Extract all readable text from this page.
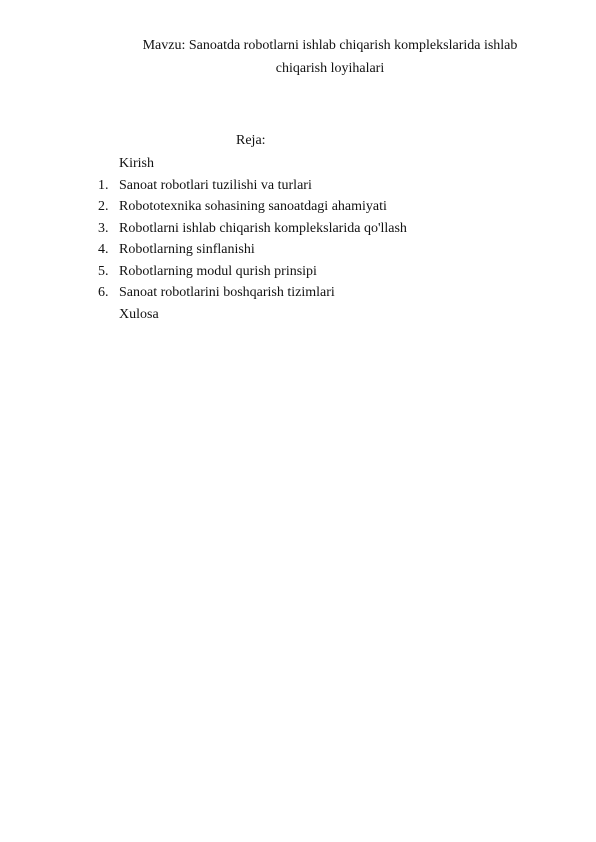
Mavzu: Sanoatda robotlarni ishlab chiqarish komplekslarida ishlab
chiqarish loyihalari
Reja:
Kirish
1. Sanoat robotlari tuzilishi va turlari
2. Robototexnika sohasining sanoatdagi ahamiyati
3. Robotlarni ishlab chiqarish komplekslarida qo'llash
4. Robotlarning sinflanishi
5. Robotlarning modul qurish prinsipi
6. Sanoat robotlarini boshqarish tizimlari
Xulosa
